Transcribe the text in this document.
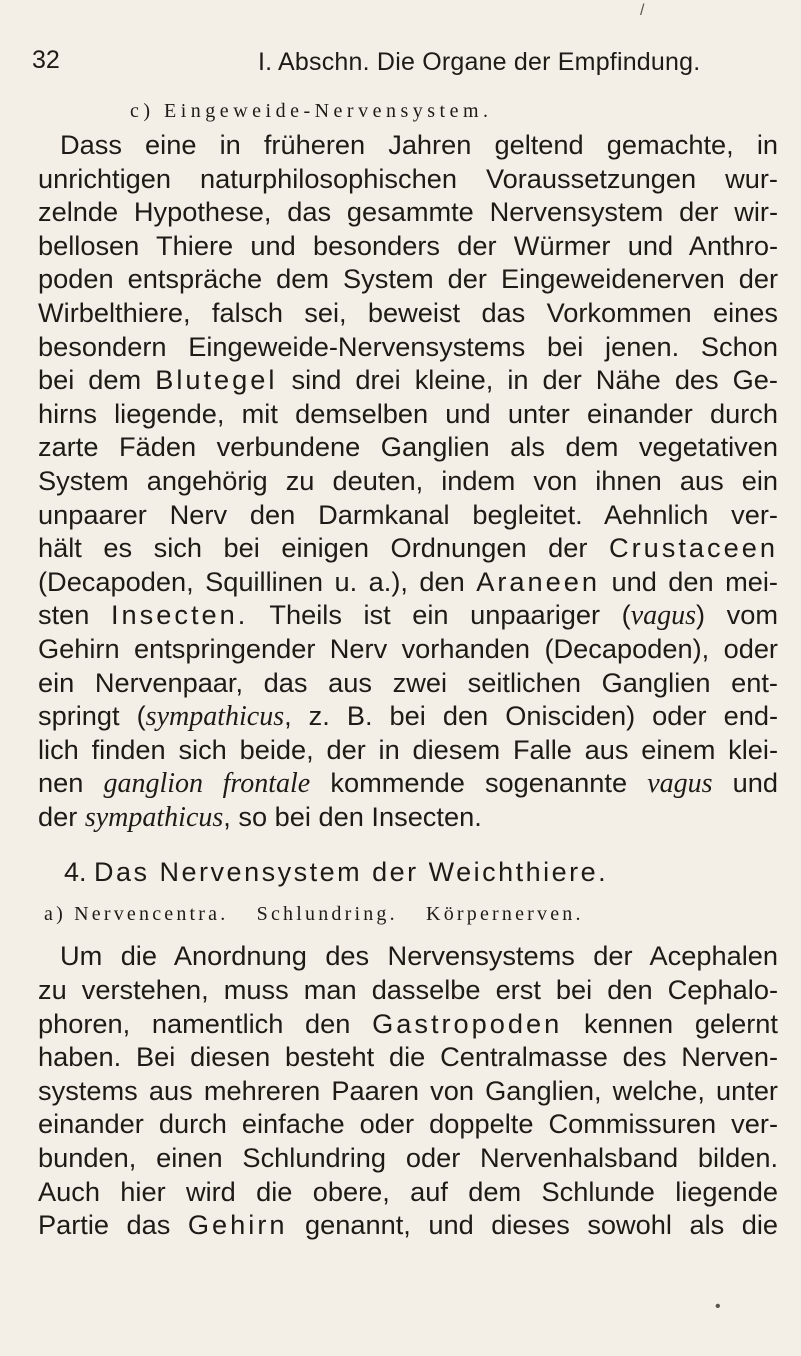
/
32	I. Abschn. Die Organe der Empfindung.
c) Eingeweide-Nervensystem.
Dass eine in früheren Jahren geltend gemachte, in
unrichtigen naturphilosophischen Voraussetzungen wur-
zelnde Hypothese, das gesammte Nervensystem der wir-
bellosen Thiere und besonders der Würmer und Anthro-
poden entspräche dem System der Eingeweidenerven der
Wirbelthiere, falsch sei, beweist das Vorkommen eines
besondern Eingeweide-Nervensystems bei jenen. Schon
bei dem Blutegel sind drei kleine, in der Nähe des Ge-
hirns liegende, mit demselben und unter einander durch
zarte Fäden verbundene Ganglien als dem vegetativen
System angehörig zu deuten, indem von ihnen aus ein
unpaarer Nerv den Darmkanal begleitet. Aehnlich ver-
hält es sich bei einigen Ordnungen der Crustaceen
(Decapoden, Squillinen u. a.), den Araneen und den mei-
sten Insecten. Theils ist ein unpaariger (vagus) vom
Gehirn entspringender Nerv vorhanden (Decapoden), oder
ein Nervenpaar, das aus zwei seitlichen Ganglien ent-
springt (sympathicus, z. B. bei den Onisciden) oder end-
lich finden sich beide, der in diesem Falle aus einem klei-
nen ganglion frontale kommende sogenannte vagus und
der sympathicus, so bei den Insecten.
4. Das Nervensystem der Weichthiere.
a) Nervencentra. Schlundring. Körpernerven.
Um die Anordnung des Nervensystems der Acephalen
zu verstehen, muss man dasselbe erst bei den Cephalo-
phoren, namentlich den Gastropoden kennen gelernt
haben. Bei diesen besteht die Centralmasse des Nerven-
systems aus mehreren Paaren von Ganglien, welche, unter
einander durch einfache oder doppelte Commissuren ver-
bunden, einen Schlundring oder Nervenhalsband bilden.
Auch hier wird die obere, auf dem Schlunde liegende
Partie das Gehirn genannt, und dieses sowohl als die
•
